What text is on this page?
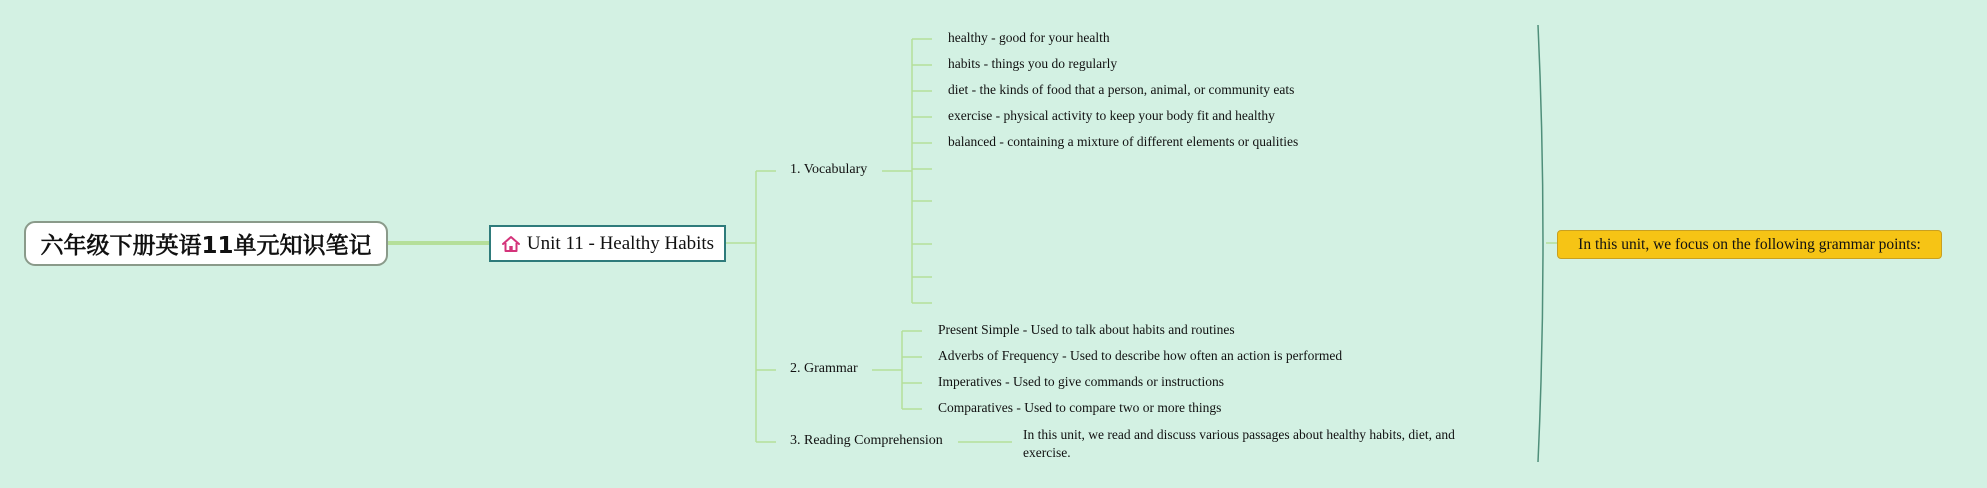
六年级下册英语11单元知识笔记	Unit 11 - Healthy Habits
1. Vocabulary
2. Grammar
3. Reading Comprehension
healthy - good for your health
habits - things you do regularly
diet - the kinds of food that a person, animal, or community eats
exercise - physical activity to keep your body fit and healthy
balanced - containing a mixture of different elements or qualities
Present Simple - Used to talk about habits and routines
Adverbs of Frequency - Used to describe how often an action is performed
Imperatives - Used to give commands or instructions
Comparatives - Used to compare two or more things
In this unit, we read and discuss various passages about healthy habits, diet, and exercise.
In this unit, we focus on the following grammar points:
